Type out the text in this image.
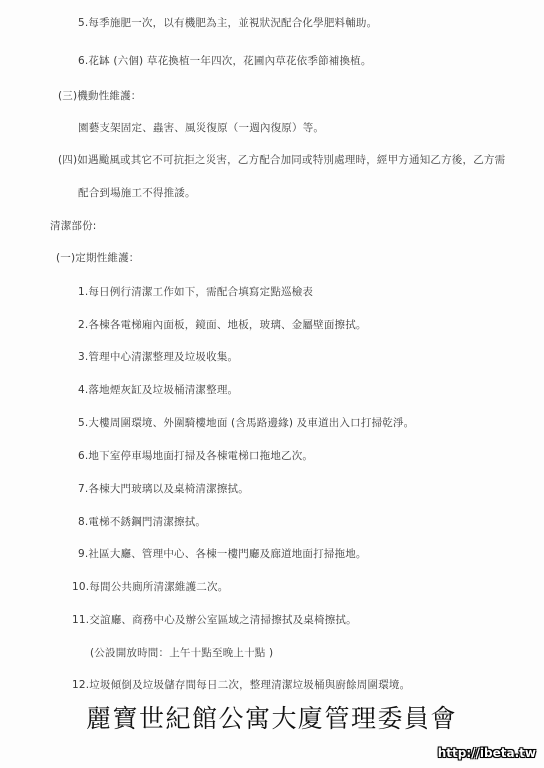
5.每季施肥一次，以有機肥為主，並視狀況配合化學肥料輔助。
6.花缽 (六個) 草花換植一年四次，花圃內草花依季節補換植。
(三)機動性維護：
園藝支架固定、蟲害、風災復原（一週內復原）等。
(四)如遇颱風或其它不可抗拒之災害，乙方配合加同或特別處理時，經甲方通知乙方後，乙方需
配合到場施工不得推諉。
清潔部份:
(一)定期性維護：
1.每日例行清潔工作如下，需配合填寫定點巡檢表
2.各棟各電梯廂內面板，鏡面、地板，玻璃、金屬壁面擦拭。
3.管理中心清潔整理及垃圾收集。
4.落地煙灰缸及垃圾桶清潔整理。
5.大樓周圍環境、外圍騎樓地面 (含馬路邊緣) 及車道出入口打掃乾淨。
6.地下室停車場地面打掃及各棟電梯口拖地乙次。
7.各棟大門玻璃以及桌椅清潔擦拭。
8.電梯不銹鋼門清潔擦拭。
9.社區大廳、管理中心、各棟一樓門廳及廊道地面打掃拖地。
10.每間公共廁所清潔維護二次。
11.交誼廳、商務中心及辦公室區域之清掃擦拭及桌椅擦拭。
(公設開放時間：上午十點至晚上十點 )
12.垃圾傾倒及垃圾儲存間每日二次，整理清潔垃圾桶與廚餘周圍環境。
麗寶世紀館公寓大廈管理委員會
http://ibeta.tw
